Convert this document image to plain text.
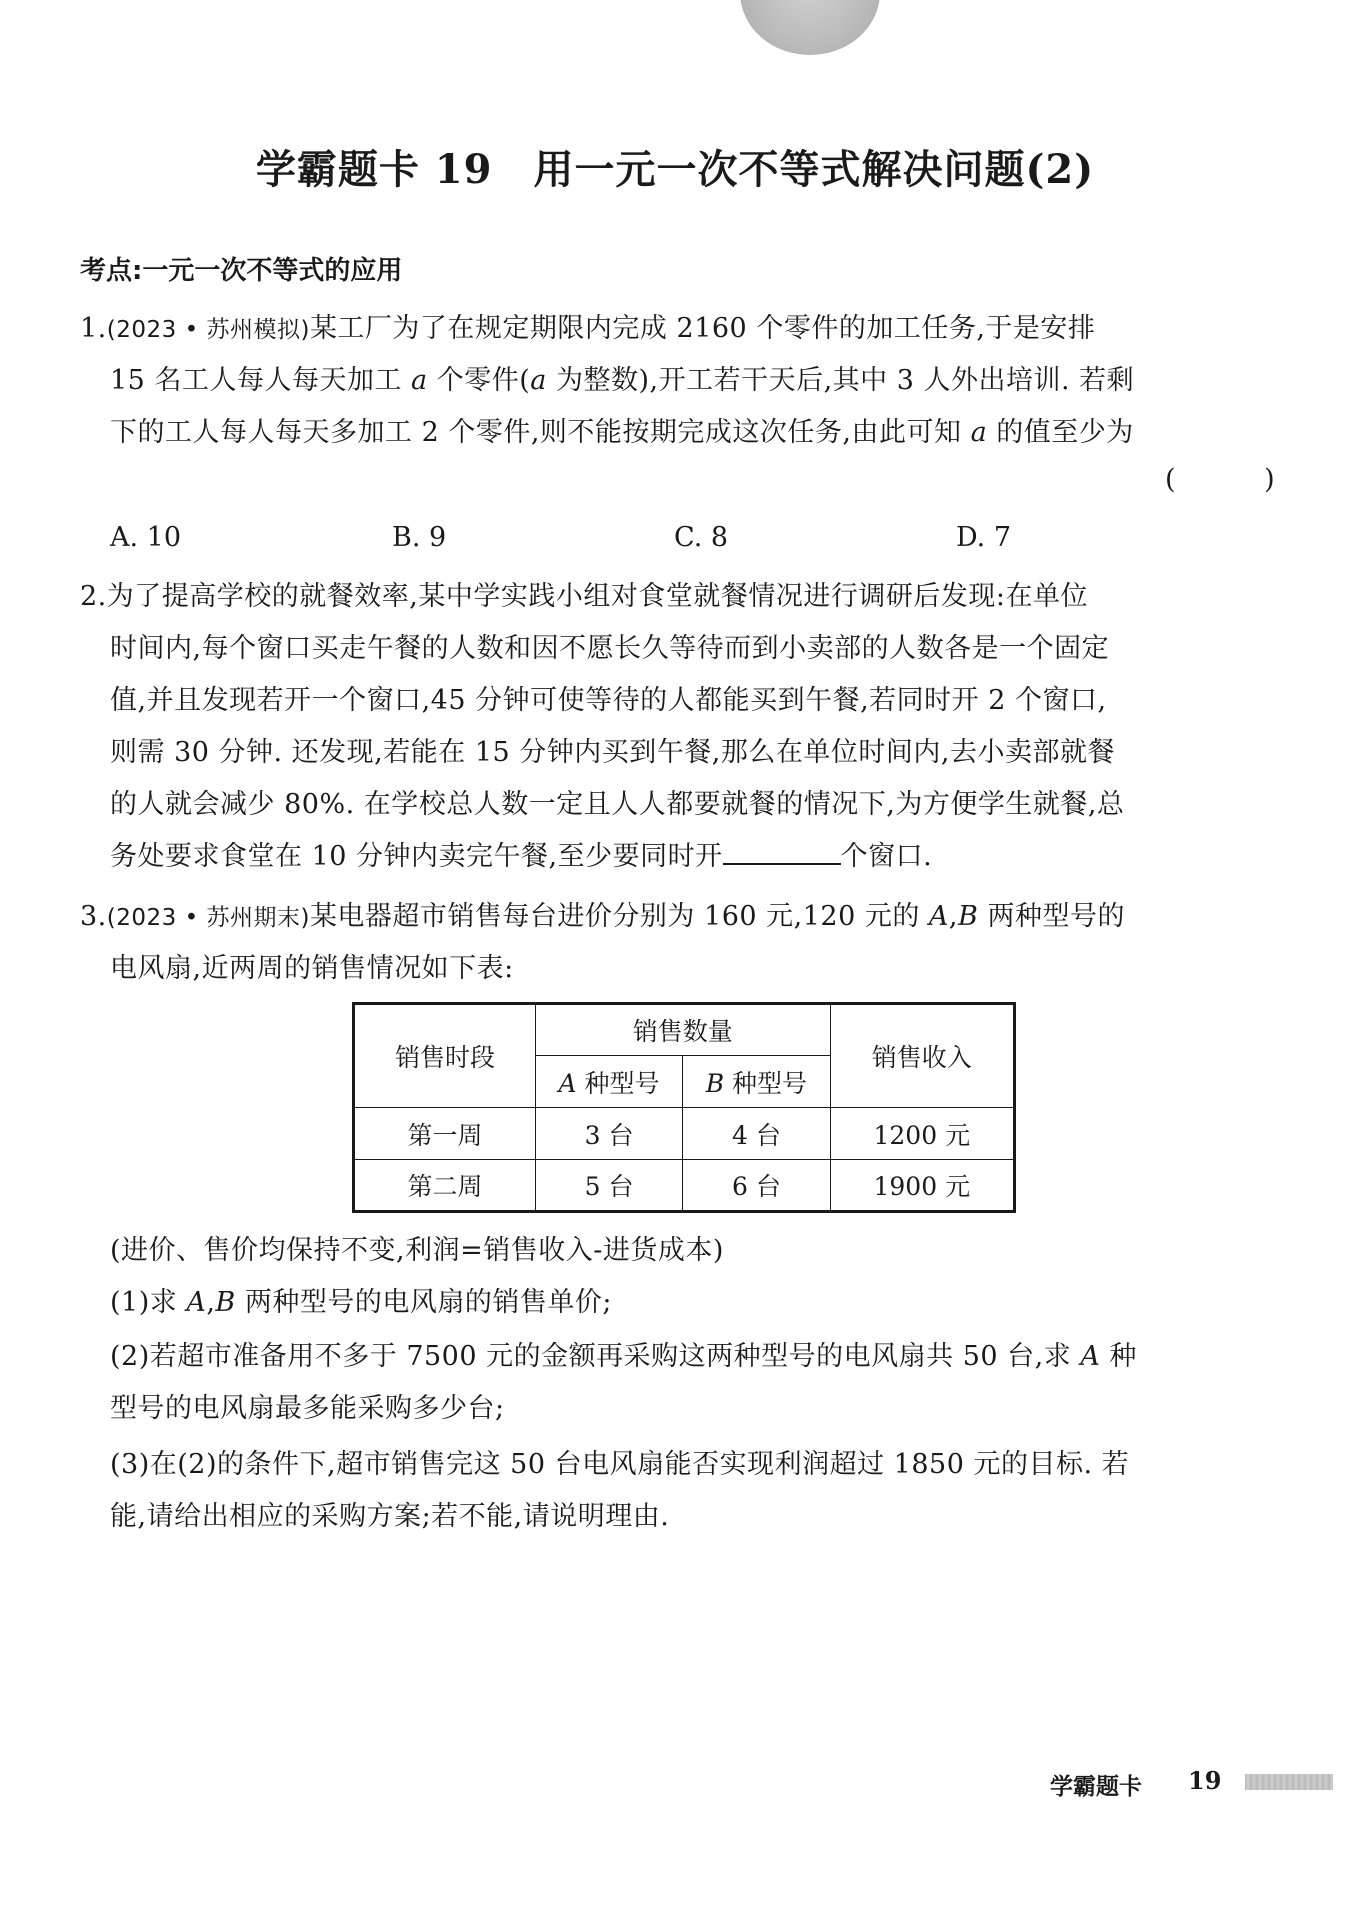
学霸题卡 19　用一元一次不等式解决问题(2)
考点:一元一次不等式的应用
1.(2023 • 苏州模拟)某工厂为了在规定期限内完成 2160 个零件的加工任务,于是安排
15 名工人每人每天加工 a 个零件(a 为整数),开工若干天后,其中 3 人外出培训. 若剩
下的工人每人每天多加工 2 个零件,则不能按期完成这次任务,由此可知 a 的值至少为
( )
A. 10	B. 9	C. 8	D. 7
2.为了提高学校的就餐效率,某中学实践小组对食堂就餐情况进行调研后发现:在单位
时间内,每个窗口买走午餐的人数和因不愿长久等待而到小卖部的人数各是一个固定
值,并且发现若开一个窗口,45 分钟可使等待的人都能买到午餐,若同时开 2 个窗口,
则需 30 分钟. 还发现,若能在 15 分钟内买到午餐,那么在单位时间内,去小卖部就餐
的人就会减少 80%. 在学校总人数一定且人人都要就餐的情况下,为方便学生就餐,总
务处要求食堂在 10 分钟内卖完午餐,至少要同时开	个窗口.
3.(2023 • 苏州期末)某电器超市销售每台进价分别为 160 元,120 元的 A,B 两种型号的
电风扇,近两周的销售情况如下表:
销售时段	销售数量		销售收入
	A 种型号	B 种型号	
第一周	3 台	4 台	1200 元
第二周	5 台	6 台	1900 元
(进价、售价均保持不变,利润=销售收入-进货成本)
(1)求 A,B 两种型号的电风扇的销售单价;
(2)若超市准备用不多于 7500 元的金额再采购这两种型号的电风扇共 50 台,求 A 种
型号的电风扇最多能采购多少台;
(3)在(2)的条件下,超市销售完这 50 台电风扇能否实现利润超过 1850 元的目标. 若
能,请给出相应的采购方案;若不能,请说明理由.
学霸题卡 19
